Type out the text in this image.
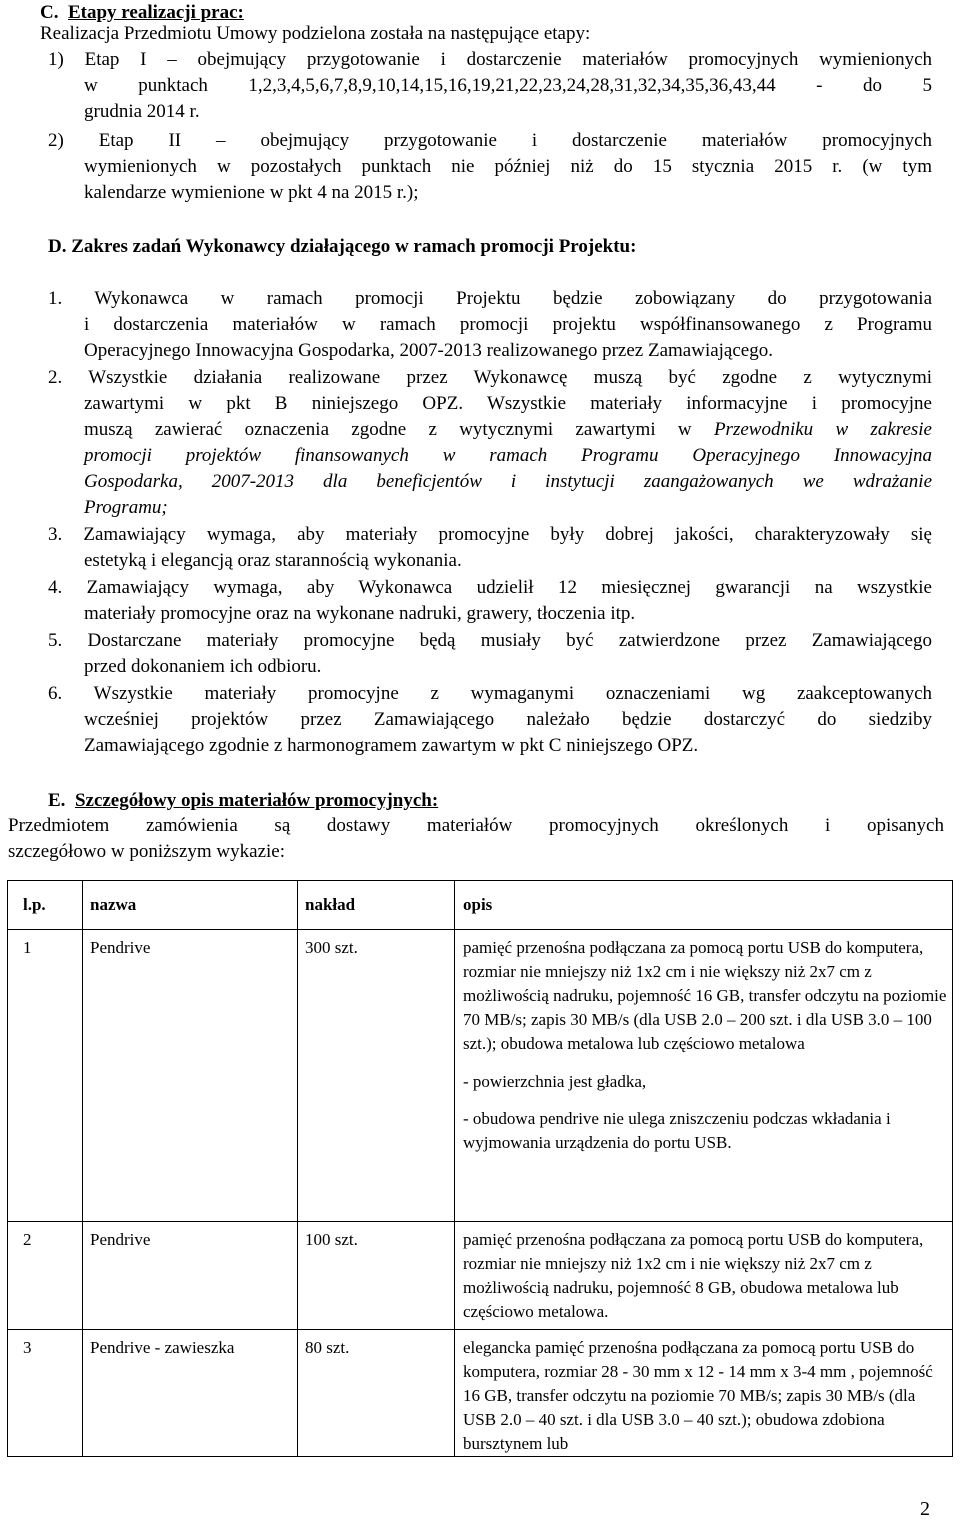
C. Etapy realizacji prac:
Realizacja Przedmiotu Umowy podzielona została na następujące etapy:
1) Etap I – obejmujący przygotowanie i dostarczenie materiałów promocyjnych wymienionych
w punktach 1,2,3,4,5,6,7,8,9,10,14,15,16,19,21,22,23,24,28,31,32,34,35,36,43,44 - do 5
grudnia 2014 r.
2) Etap II – obejmujący przygotowanie i dostarczenie materiałów promocyjnych
wymienionych w pozostałych punktach nie później niż do 15 stycznia 2015 r. (w tym
kalendarze wymienione w pkt 4 na 2015 r.);
D. Zakres zadań Wykonawcy działającego w ramach promocji Projektu:
1. Wykonawca w ramach promocji Projektu będzie zobowiązany do przygotowania
i dostarczenia materiałów w ramach promocji projektu współfinansowanego z Programu
Operacyjnego Innowacyjna Gospodarka, 2007-2013 realizowanego przez Zamawiającego.
2. Wszystkie działania realizowane przez Wykonawcę muszą być zgodne z wytycznymi
zawartymi w pkt B niniejszego OPZ. Wszystkie materiały informacyjne i promocyjne
muszą zawierać oznaczenia zgodne z wytycznymi zawartymi w Przewodniku w zakresie
promocji projektów finansowanych w ramach Programu Operacyjnego Innowacyjna
Gospodarka, 2007-2013 dla beneficjentów i instytucji zaangażowanych we wdrażanie
Programu;
3. Zamawiający wymaga, aby materiały promocyjne były dobrej jakości, charakteryzowały się
estetyką i elegancją oraz starannością wykonania.
4. Zamawiający wymaga, aby Wykonawca udzielił 12 miesięcznej gwarancji na wszystkie
materiały promocyjne oraz na wykonane nadruki, grawery, tłoczenia itp.
5. Dostarczane materiały promocyjne będą musiały być zatwierdzone przez Zamawiającego
przed dokonaniem ich odbioru.
6. Wszystkie materiały promocyjne z wymaganymi oznaczeniami wg zaakceptowanych
wcześniej projektów przez Zamawiającego należało będzie dostarczyć do siedziby
Zamawiającego zgodnie z harmonogramem zawartym w pkt C niniejszego OPZ.
E. Szczegółowy opis materiałów promocyjnych:
Przedmiotem zamówienia są dostawy materiałów promocyjnych określonych i opisanych
szczegółowo w poniższym wykazie:
l.p.	nazwa	nakład	opis
1	Pendrive	300 szt.	pamięć przenośna podłączana za pomocą portu USB do komputera, rozmiar nie mniejszy niż 1x2 cm i nie większy niż 2x7 cm z możliwością nadruku, pojemność 16 GB, transfer odczytu na poziomie 70 MB/s; zapis 30 MB/s (dla USB 2.0 – 200 szt. i dla USB 3.0 – 100 szt.); obudowa metalowa lub częściowo metalowa

- powierzchnia jest gładka,

- obudowa pendrive nie ulega zniszczeniu podczas wkładania i wyjmowania urządzenia do portu USB.

2	Pendrive	100 szt.	pamięć przenośna podłączana za pomocą portu USB do komputera, rozmiar nie mniejszy niż 1x2 cm i nie większy niż 2x7 cm z możliwością nadruku, pojemność 8 GB, obudowa metalowa lub częściowo metalowa.

3	Pendrive - zawieszka	80 szt.	elegancka pamięć przenośna podłączana za pomocą portu USB do komputera, rozmiar 28 - 30 mm x 12 - 14 mm x 3-4 mm , pojemność 16 GB, transfer odczytu na poziomie 70 MB/s; zapis 30 MB/s (dla USB 2.0 – 40 szt. i dla USB 3.0 – 40 szt.); obudowa zdobiona bursztynem lub

2
